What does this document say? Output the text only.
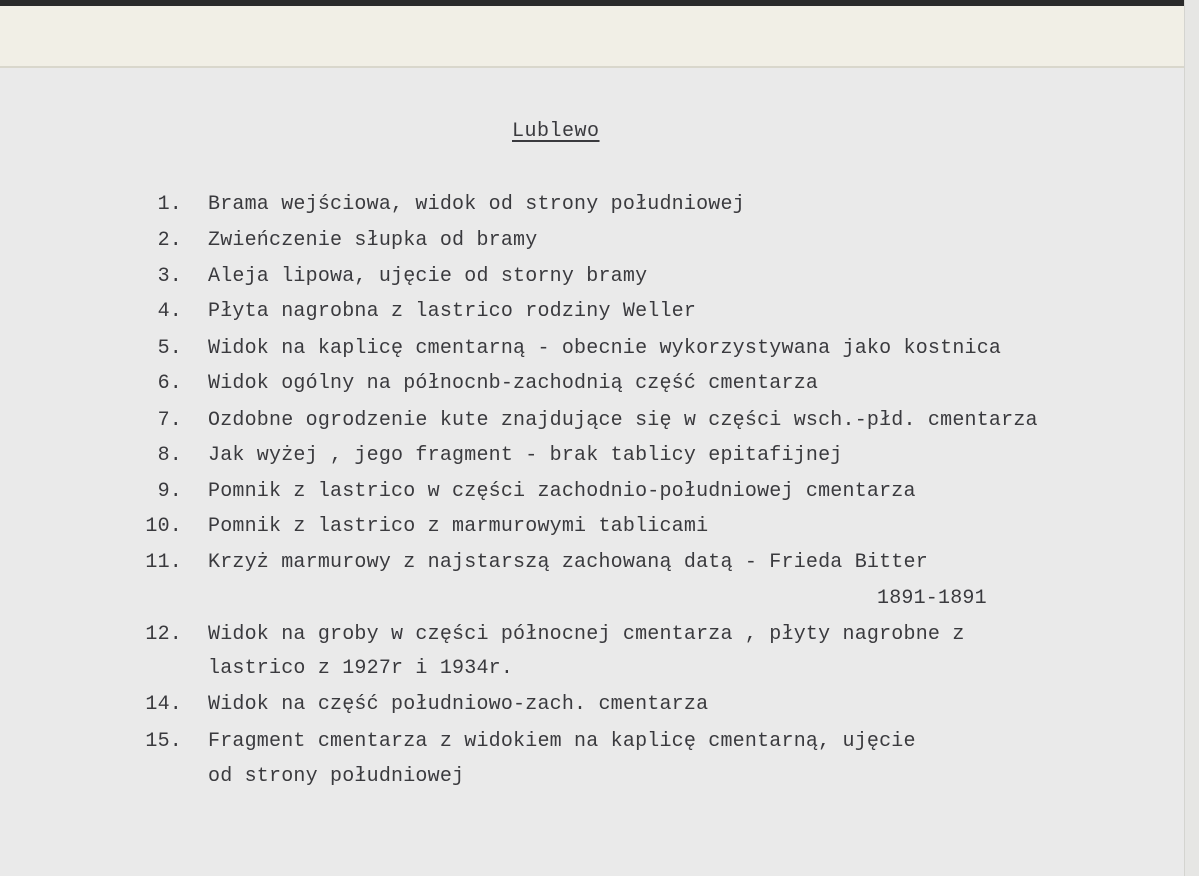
Lublewo
1. Brama wejściowa, widok od strony południowej
2. Zwieńczenie słupka od bramy
3. Aleja lipowa, ujęcie od storny bramy
4. Płyta nagrobna z lastrico rodziny Weller
5. Widok na kaplicę cmentarną - obecnie wykorzystywana jako kostnica
6. Widok ogólny na północnb-zachodnią część cmentarza
7. Ozdobne ogrodzenie kute znajdujące się w części wsch.-płd. cmentarza
8. Jak wyżej , jego fragment - brak tablicy epitafijnej
9. Pomnik z lastrico w części zachodnio-południowej cmentarza
10. Pomnik z lastrico z marmurowymi tablicami
11. Krzyż marmurowy z najstarszą zachowaną datą - Frieda Bitter
1891-1891
12. Widok na groby w części północnej cmentarza , płyty nagrobne z
lastrico z 1927r i 1934r.
14. Widok na część południowo-zach. cmentarza
15. Fragment cmentarza z widokiem na kaplicę cmentarną, ujęcie
od strony południowej
